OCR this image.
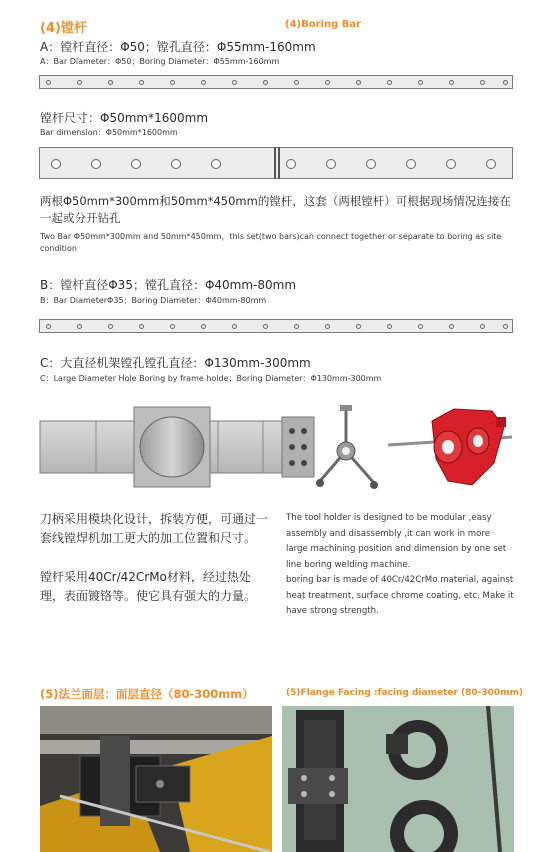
(4)镗杆	(4)Boring Bar
A：镗杆直径：Φ50；镗孔直径：Φ55mm-160mm
A：Bar Diameter：Φ50；Boring Diameter：Φ55mm-160mm
镗杆尺寸：Φ50mm*1600mm
Bar dimension：Φ50mm*1600mm
两根Φ50mm*300mm和50mm*450mm的镗杆，这套（两根镗杆）可根据现场情况连接在一起或分开钻孔
Two Bar Φ50mm*300mm and 50mm*450mm，this set(two bars)can connect together or separate to boring as site condition
B：镗杆直径Φ35；镗孔直径：Φ40mm-80mm
B：Bar DiameterΦ35；Boring Diameter：Φ40mm-80mm
C：大直径机架镗孔镗孔直径：Φ130mm-300mm
C：Large Diameter Hole Boring by frame holde；Boring Diameter：Φ130mm-300mm
刀柄采用模块化设计，拆装方便，可通过一套线镗焊机加工更大的加工位置和尺寸。
镗杆采用40Cr/42CrMo材料，经过热处理，表面镀铬等。使它具有强大的力量。
The tool holder is designed to be modular ,easy assembly and disassembly ,it can work in more large machining position and dimension by one set line boring welding machine.
boring bar is made of 40Cr/42CrMo material, against heat treatment, surface chrome coating, etc. Make it have strong strength.
(5)法兰面层：面层直径（80-300mm）	(5)Flange Facing :facing diameter (80-300mm)
